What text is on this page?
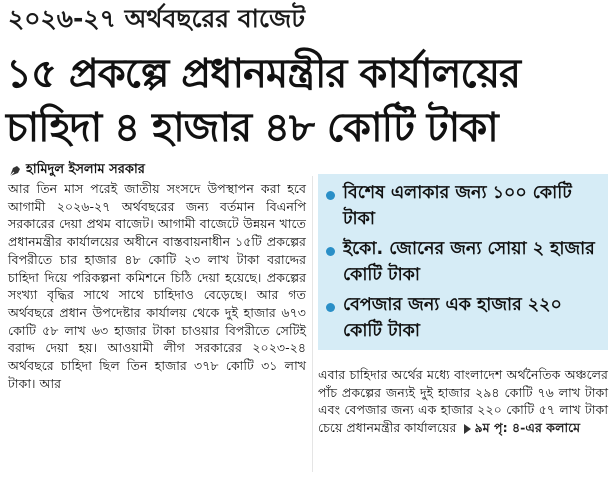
২০২৬-২৭ অর্থবছরের বাজেট
১৫ প্রকল্পে প্রধানমন্ত্রীর কার্যালয়ের
চাহিদা ৪ হাজার ৪৮ কোটি টাকা
হামিদুল ইসলাম সরকার

আর তিন মাস পরেই জাতীয় সংসদে উপস্থাপন করা হবে আগামী ২০২৬-২৭ অর্থবছরের জন্য বর্তমান বিএনপি সরকারের দেয়া প্রথম বাজেট। আগামী বাজেটে উন্নয়ন খাতে প্রধানমন্ত্রীর কার্যালয়ের অধীনে বাস্তবায়নাধীন ১৫টি প্রকল্পের বিপরীতে চার হাজার ৪৮ কোটি ২৩ লাখ টাকা বরাদ্দের চাহিদা দিয়ে পরিকল্পনা কমিশনে চিঠি দেয়া হয়েছে। প্রকল্পের সংখ্যা বৃদ্ধির সাথে সাথে চাহিদাও বেড়েছে। আর গত অর্থবছরে প্রধান উপদেষ্টার কার্যালয় থেকে দুই হাজার ৬৭৩ কোটি ৫৮ লাখ ৬৩ হাজার টাকা চাওয়ার বিপরীতে সেটিই বরাদ্দ দেয়া হয়। আওয়ামী লীগ সরকারের ২০২৩-২৪ অর্থবছরে চাহিদা ছিল তিন হাজার ৩৭৮ কোটি ৩১ লাখ টাকা। আর

বিশেষ এলাকার জন্য ১০০ কোটি টাকা
ইকো. জোনের জন্য সোয়া ২ হাজার কোটি টাকা
বেপজার জন্য এক হাজার ২২০ কোটি টাকা

এবার চাহিদার অর্থের মধ্যে বাংলাদেশ অর্থনৈতিক অঞ্চলের পাঁচ প্রকল্পের জন্যই দুই হাজার ২৯৪ কোটি ৭৬ লাখ টাকা এবং বেপজার জন্য এক হাজার ২২০ কোটি ৫৭ লাখ টাকা চেয়ে প্রধানমন্ত্রীর কার্যালয়ের ৯ম পৃ: ৪-এর কলামে
